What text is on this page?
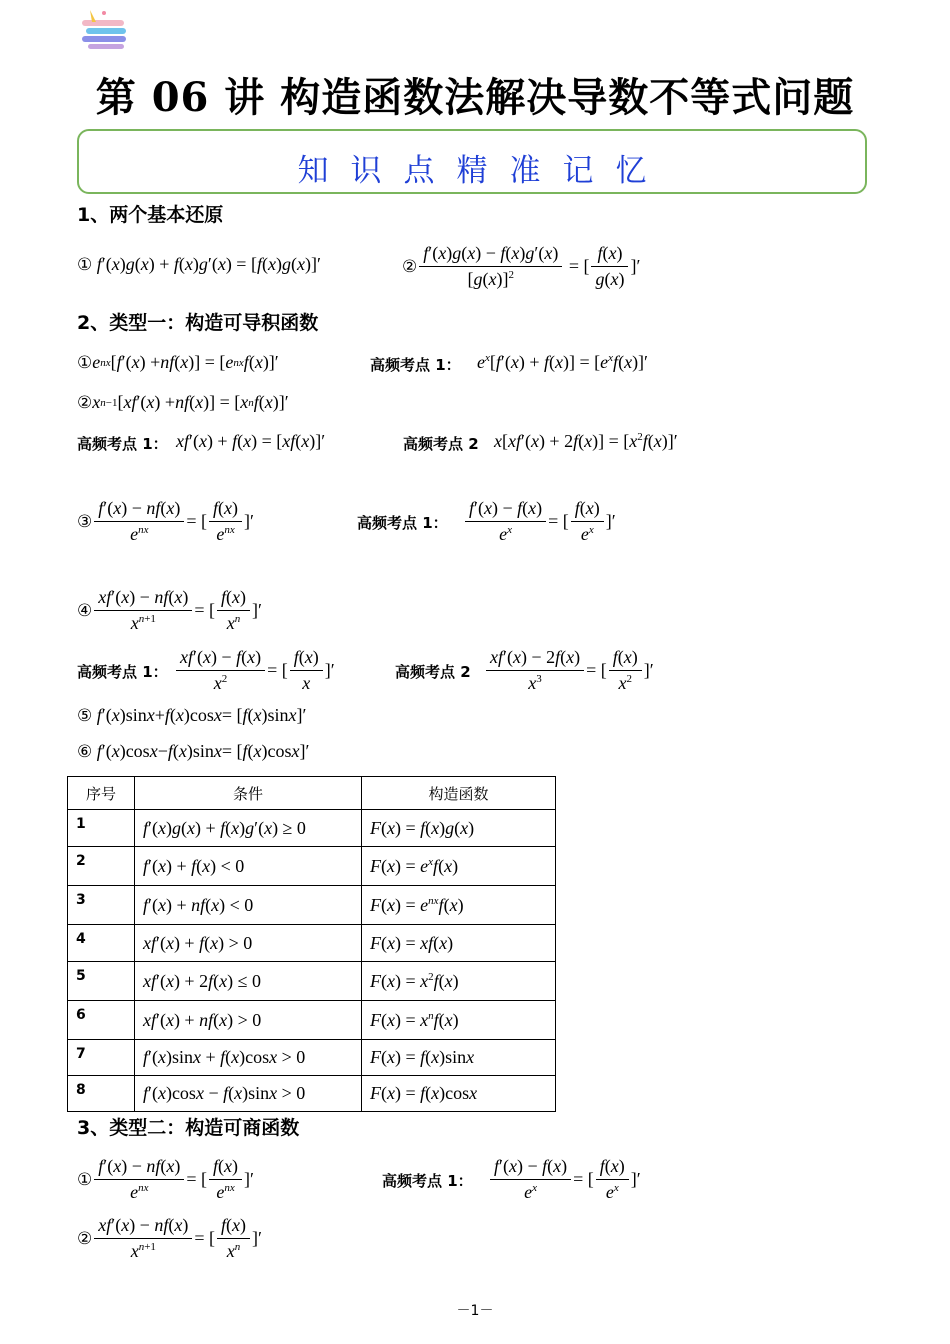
第 06 讲 构造函数法解决导数不等式问题
知识点精准记忆
1、两个基本还原
①
f ′( x ) g ( x ) + f ( x ) g ′( x ) = [ f ( x ) g ( x )]′	② $\frac{f'(x)g(x) - f(x)g'(x)}{[g(x)]^2}$ = [ $\frac{f(x)}{g(x)}$ ]′
2、类型一：构造可导积函数
① e nx [ f ′( x ) + nf ( x )] = [ e nx f ( x )]′	高频考点 1： $e^x[f'(x) + f(x)] = [e^xf(x)]'$
② x n−1 [ xf ′( x ) + nf ( x )] = [ x n f ( x )]′
高频考点 1： xf′(x) + f(x) = [xf(x)]′	高频考点 2 $x[xf'(x) + 2f(x)] = [x^2f(x)]'$
③ $\frac{f'(x) - nf(x)}{e^{nx}}$ = [ $\frac{f(x)}{e^{nx}}$ ]′	高频考点 1： $\frac{f'(x) - f(x)}{e^x}$ = [ $\frac{f(x)}{e^x}$ ]′
④ $\frac{xf'(x) - nf(x)}{x^{n+1}}$ = [ $\frac{f(x)}{x^n}$ ]′
高频考点 1： $\frac{xf'(x) - f(x)}{x^2}$ = [ $\frac{f(x)}{x}$ ]′	高频考点 $2 \frac{xf'(x) - 2f(x)}{x^3}$ = [ $\frac{f(x)}{x^2}$ ]′
⑤
f ′( x )sin x + f ( x )cos x = [ f ( x )sin x ]′
⑥
f ′( x )cos x − f ( x )sin x = [ f ( x )cos x ]′
序号	条件	构造函数
1	f′(x)g(x) + f(x)g′(x) ≥ 0	F(x) = f(x)g(x)
2	f′(x) + f(x) < 0	$F(x) = e^xf(x)$
3	f′(x) + nf(x) < 0	$F(x) = e^{nx}f(x)$
4	xf′(x) + f(x) > 0	F(x) = xf(x)
5	xf′(x) + 2f(x) ≤ 0	$F(x) = x^2f(x)$
6	xf′(x) + nf(x) > 0	$F(x) = x^nf(x)$
7	f′(x)sinx + f(x)cosx > 0	F(x) = f(x)sinx
8	f′(x)cosx − f(x)sinx > 0	F(x) = f(x)cosx
3、类型二：构造可商函数
① $\frac{f'(x) - nf(x)}{e^{nx}}$ = [ $\frac{f(x)}{e^{nx}}$ ]′	高频考点 1： $\frac{f'(x) - f(x)}{e^x}$ = [ $\frac{f(x)}{e^x}$ ]′
② $\frac{xf'(x) - nf(x)}{x^{n+1}}$ = [ $\frac{f(x)}{x^n}$ ]′
－1－
